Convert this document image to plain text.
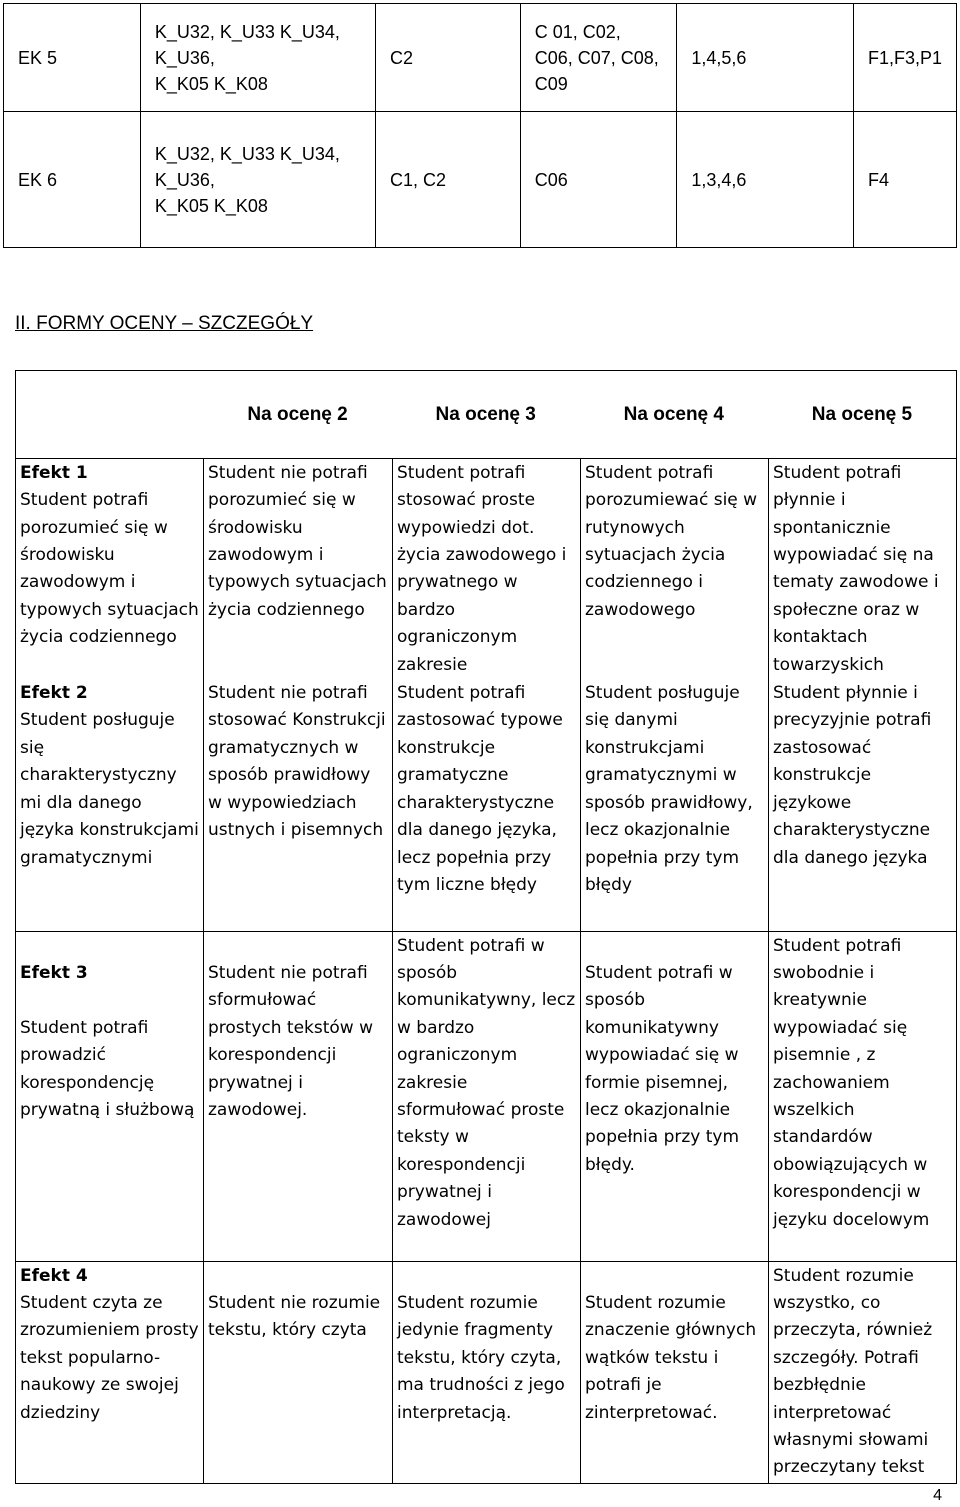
EK 5	K_U32, K_U33 K_U34,
K_U36,
K_K05 K_K08	C2	C 01, C02,
C06, C07, C08,
C09	1,4,5,6	F1,F3,P1
EK 6	K_U32, K_U33 K_U34,
K_U36,
K_K05 K_K08	C1, C2	C06	1,3,4,6	F4
II. FORMY OCENY – SZCZEGÓŁY

	Na ocenę 2 Na ocenę 3 Na ocenę 4 Na ocenę 5			

Efekt 1
Student potrafi porozumieć się w środowisku zawodowym i typowych sytuacjach życia codziennego	Student nie potrafi porozumieć się w środowisku zawodowym i typowych sytuacjach życia codziennego	Student potrafi stosować proste wypowiedzi dot. życia zawodowego i prywatnego w bardzo ograniczonym zakresie	Student potrafi porozumiewać się w rutynowych sytuacjach życia codziennego i zawodowego	Student potrafi płynnie i spontanicznie wypowiadać się na tematy zawodowe i społeczne oraz w kontaktach towarzyskich
Efekt 2
Student posługuje się charakterystyczny mi dla danego języka konstrukcjami gramatycznymi	Student nie potrafi stosować Konstrukcji gramatycznych w sposób prawidłowy w wypowiedziach ustnych i pisemnych	Student potrafi zastosować typowe konstrukcje gramatyczne charakterystyczne dla danego języka, lecz popełnia przy tym liczne błędy	Student posługuje się danymi konstrukcjami gramatycznymi w sposób prawidłowy, lecz okazjonalnie popełnia przy tym błędy	Student płynnie i precyzyjnie potrafi zastosować konstrukcje językowe charakterystyczne dla danego języka

Efekt 3
Student potrafi prowadzić korespondencję prywatną i służbową	Student nie potrafi sformułować prostych tekstów w korespondencji prywatnej i zawodowej.	Student potrafi w sposób komunikatywny, lecz w bardzo ograniczonym zakresie sformułować proste teksty w korespondencji prywatnej i zawodowej	Student potrafi w sposób komunikatywny wypowiadać się w formie pisemnej, lecz okazjonalnie popełnia przy tym błędy.	Student potrafi swobodnie i kreatywnie wypowiadać się pisemnie , z zachowaniem wszelkich standardów obowiązujących w korespondencji w języku docelowym
Efekt 4
Student czyta ze zrozumieniem prosty tekst popularno-naukowy ze swojej dziedziny	Student nie rozumie tekstu, który czyta	Student rozumie jedynie fragmenty tekstu, który czyta, ma trudności z jego interpretacją.	Student rozumie znaczenie głównych wątków tekstu i potrafi je zinterpretować.	Student rozumie wszystko, co przeczyta, również szczegóły. Potrafi bezbłędnie interpretować własnymi słowami przeczytany tekst
4
